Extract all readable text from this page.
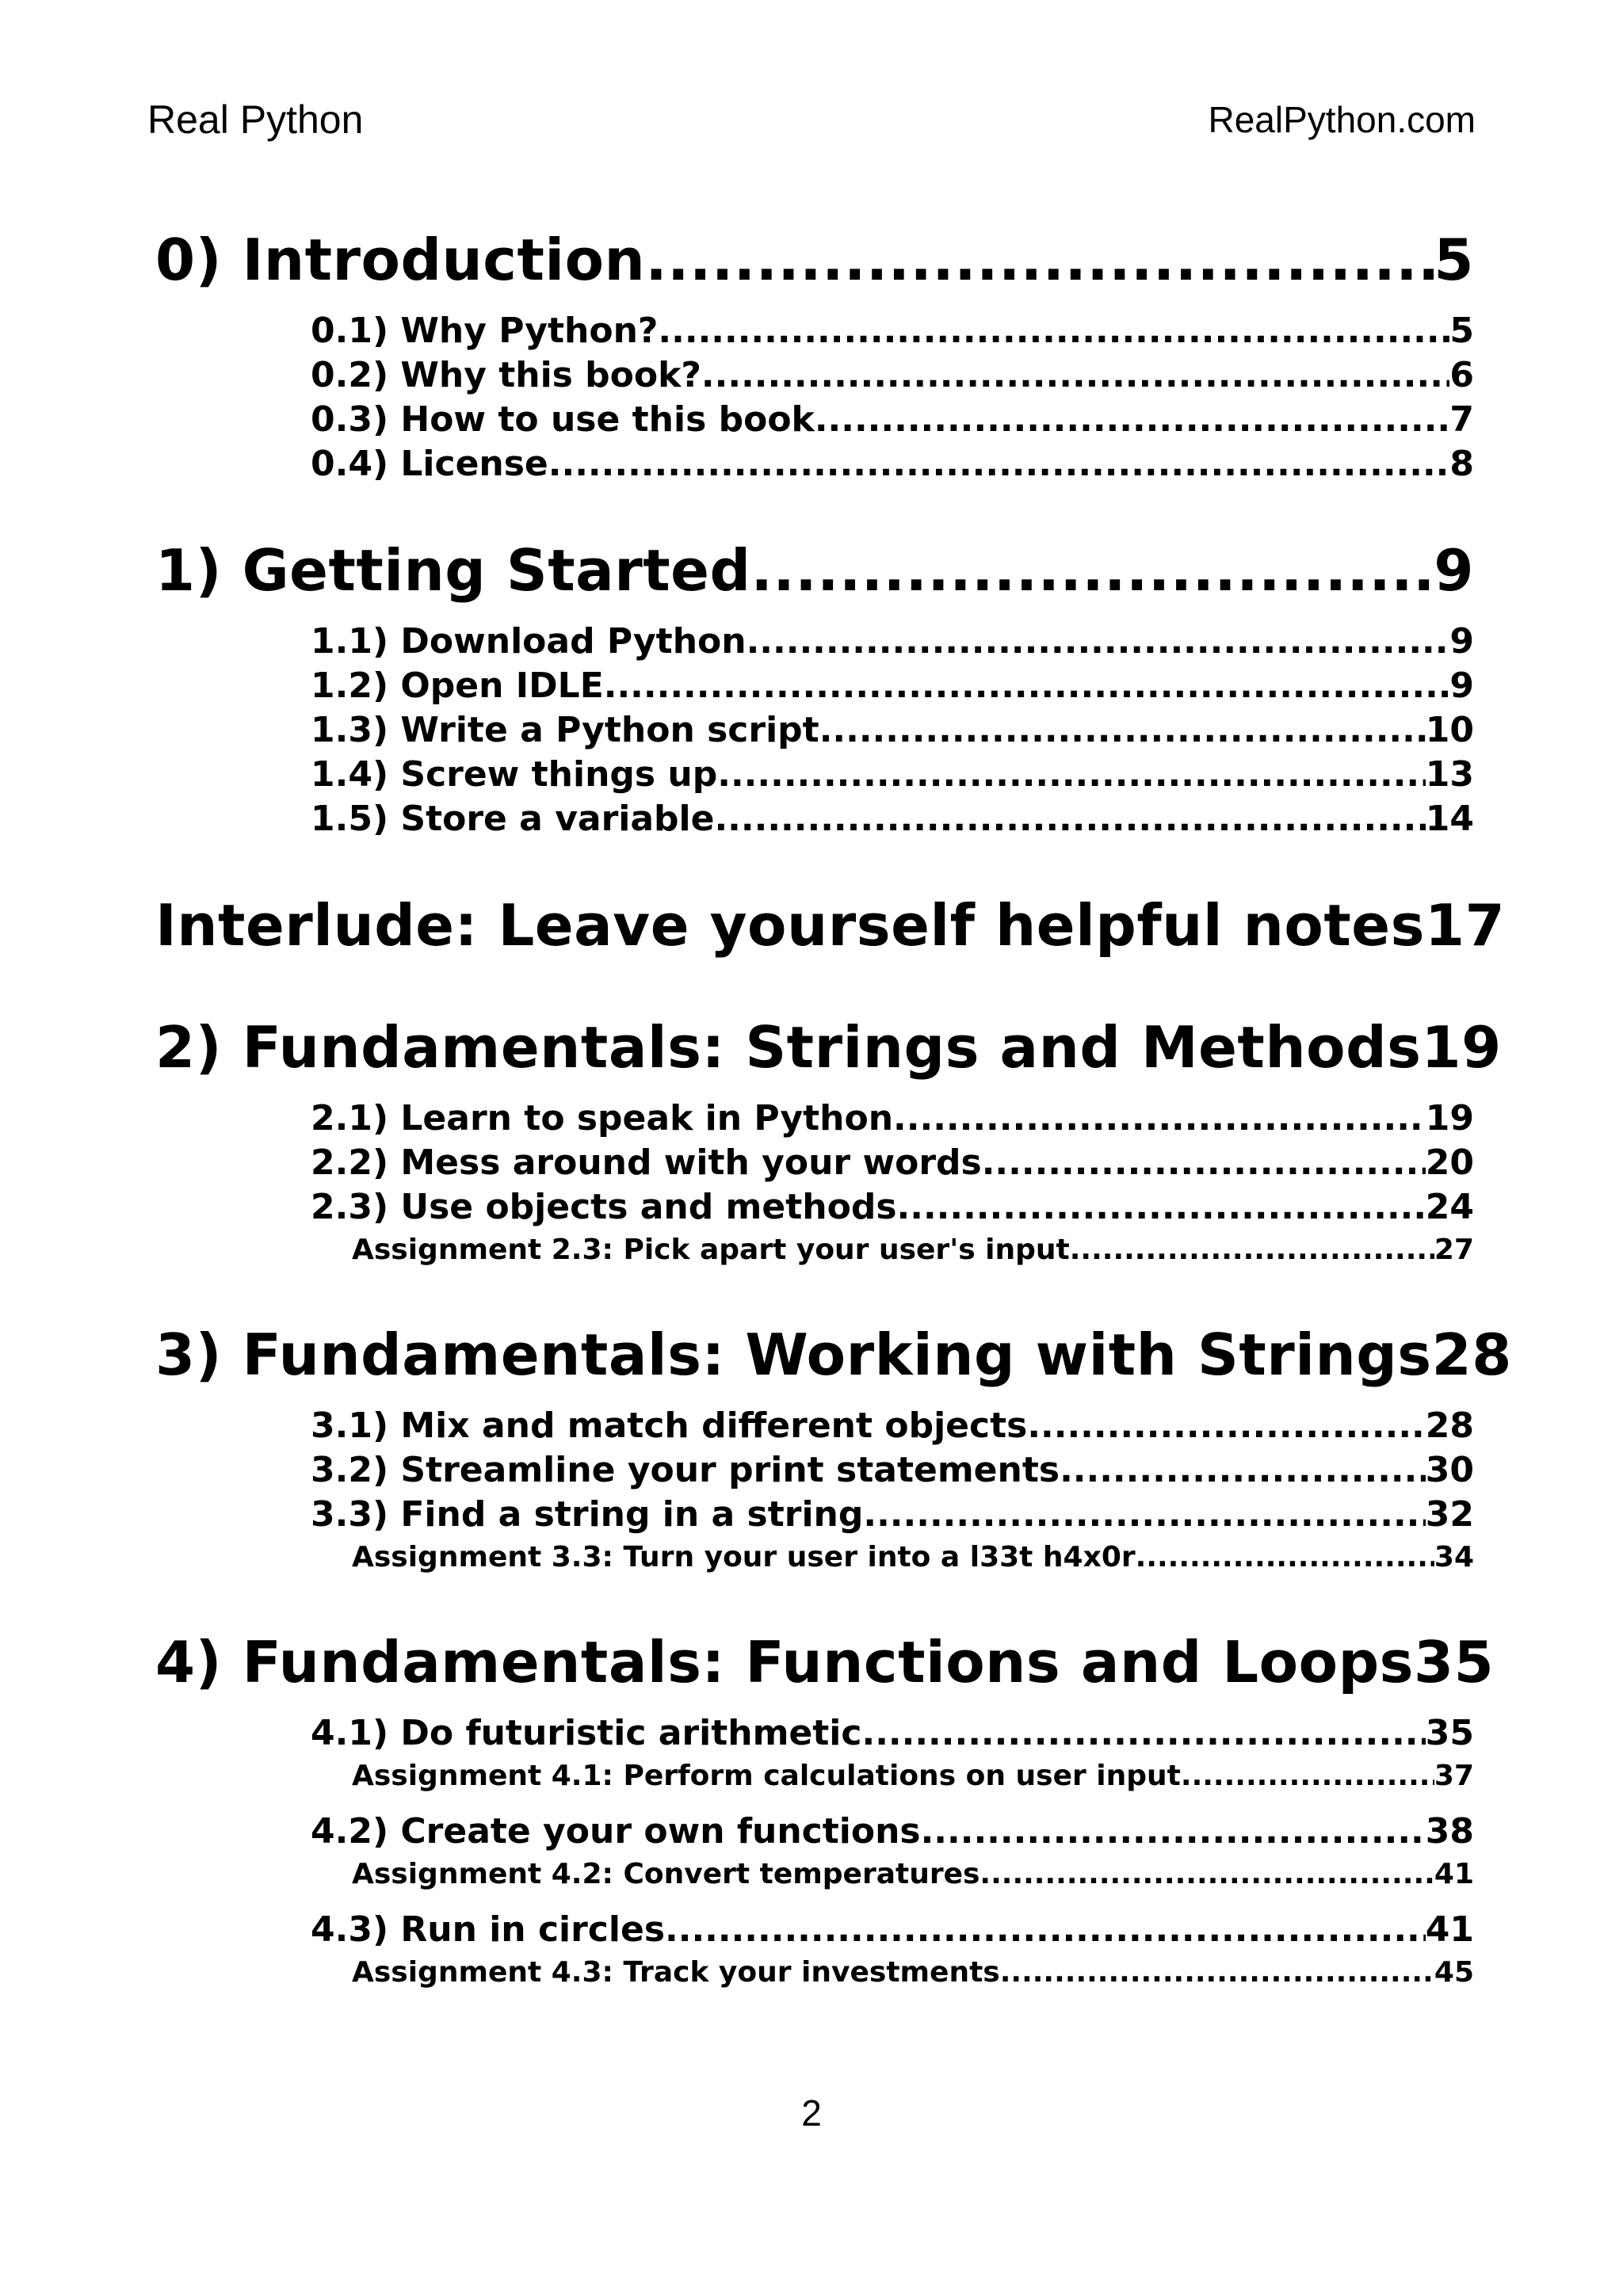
Real Python	RealPython.com
0) Introduction .....	5
0.1) Why Python? .....	5
0.2) Why this book? .....	6
0.3) How to use this book .....	7
0.4) License .....	8
1) Getting Started .....	9
1.1) Download Python .....	9
1.2) Open IDLE .....	9
1.3) Write a Python script .....	10
1.4) Screw things up .....	13
1.5) Store a variable .....	14
Interlude: Leave yourself helpful notes 17
2) Fundamentals: Strings and Methods 19
2.1) Learn to speak in Python .....	19
2.2) Mess around with your words .....	20
2.3) Use objects and methods .....	24
Assignment 2.3: Pick apart your user's input .....	27
3) Fundamentals: Working with Strings 28
3.1) Mix and match different objects .....	28
3.2) Streamline your print statements .....	30
3.3) Find a string in a string .....	32
Assignment 3.3: Turn your user into a l33t h4x0r .....	34
4) Fundamentals: Functions and Loops 35
4.1) Do futuristic arithmetic .....	35
Assignment 4.1: Perform calculations on user input .....	37
4.2) Create your own functions .....	38
Assignment 4.2: Convert temperatures .....	41
4.3) Run in circles .....	41
Assignment 4.3: Track your investments .....	45
2
